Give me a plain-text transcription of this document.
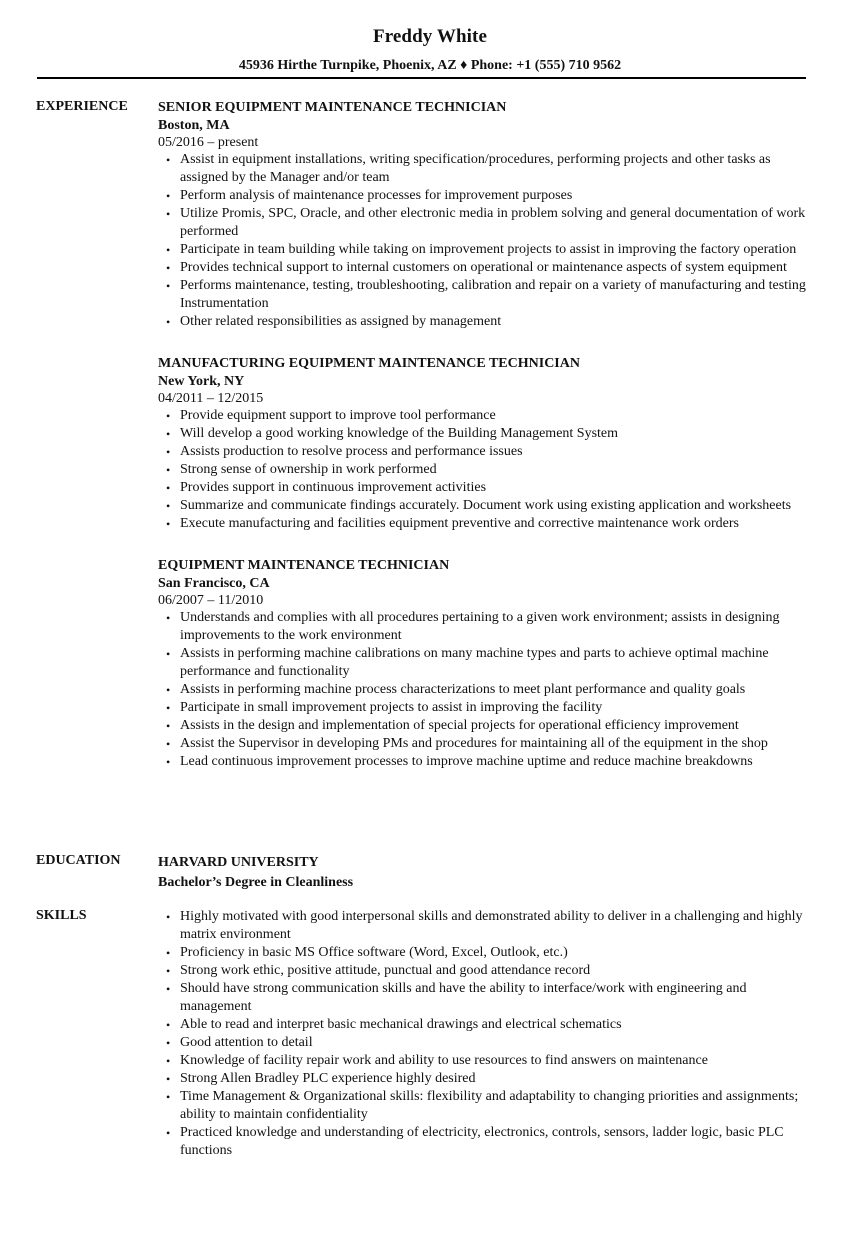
Freddy White
45936 Hirthe Turnpike, Phoenix, AZ ♦ Phone: +1 (555) 710 9562
EXPERIENCE SENIOR EQUIPMENT MAINTENANCE TECHNICIAN
Boston, MA
05/2016 – present
• Assist in equipment installations, writing specification/procedures, performing projects and other tasks as assigned by the Manager and/or team
• Perform analysis of maintenance processes for improvement purposes
• Utilize Promis, SPC, Oracle, and other electronic media in problem solving and general documentation of work performed
• Participate in team building while taking on improvement projects to assist in improving the factory operation
• Provides technical support to internal customers on operational or maintenance aspects of system equipment
• Performs maintenance, testing, troubleshooting, calibration and repair on a variety of manufacturing and testing Instrumentation
• Other related responsibilities as assigned by management
MANUFACTURING EQUIPMENT MAINTENANCE TECHNICIAN
New York, NY
04/2011 – 12/2015
• Provide equipment support to improve tool performance
• Will develop a good working knowledge of the Building Management System
• Assists production to resolve process and performance issues
• Strong sense of ownership in work performed
• Provides support in continuous improvement activities
• Summarize and communicate findings accurately. Document work using existing application and worksheets
• Execute manufacturing and facilities equipment preventive and corrective maintenance work orders
EQUIPMENT MAINTENANCE TECHNICIAN
San Francisco, CA
06/2007 – 11/2010
• Understands and complies with all procedures pertaining to a given work environment; assists in designing improvements to the work environment
• Assists in performing machine calibrations on many machine types and parts to achieve optimal machine performance and functionality
• Assists in performing machine process characterizations to meet plant performance and quality goals
• Participate in small improvement projects to assist in improving the facility
• Assists in the design and implementation of special projects for operational efficiency improvement
• Assist the Supervisor in developing PMs and procedures for maintaining all of the equipment in the shop
• Lead continuous improvement processes to improve machine uptime and reduce machine breakdowns
EDUCATION	HARVARD UNIVERSITY
Bachelor’s Degree in Cleanliness
SKILLS	• Highly motivated with good interpersonal skills and demonstrated ability to deliver in a challenging and highly matrix environment
• Proficiency in basic MS Office software (Word, Excel, Outlook, etc.)
• Strong work ethic, positive attitude, punctual and good attendance record
• Should have strong communication skills and have the ability to interface/work with engineering and management
• Able to read and interpret basic mechanical drawings and electrical schematics
• Good attention to detail
• Knowledge of facility repair work and ability to use resources to find answers on maintenance
• Strong Allen Bradley PLC experience highly desired
• Time Management & Organizational skills: flexibility and adaptability to changing priorities and assignments; ability to maintain confidentiality
• Practiced knowledge and understanding of electricity, electronics, controls, sensors, ladder logic, basic PLC functions
